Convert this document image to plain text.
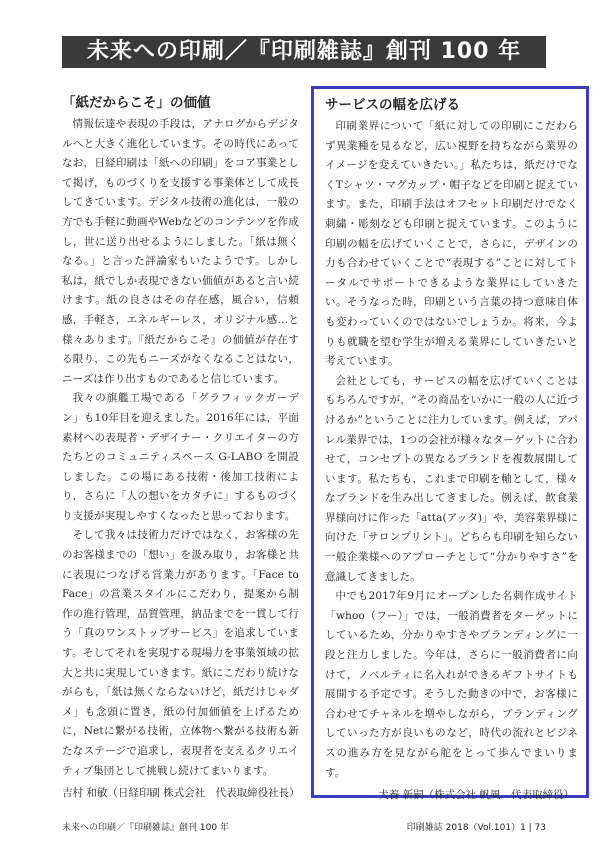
未来への印刷／『印刷雑誌』創刊 100 年
「紙だからこそ」の価値

情報伝達や表現の手段は，アナログからデジタルへと大きく進化しています。その時代にあってなお，日経印刷は「紙への印刷」をコア事業として掲げ，ものづくりを支援する事業体として成長してきています。デジタル技術の進化は，一般の方でも手軽に動画やWebなどのコンテンツを作成し，世に送り出せるようにしました。「紙は無くなる。」と言った評論家もいたようです。しかし私は，紙でしか表現できない価値があると言い続けます。紙の良さはその存在感，風合い，信頼感，手軽さ，エネルギーレス，オリジナル感…と様々あります。『紙だからこそ』の価値が存在する限り，この先もニーズがなくなることはない，ニーズは作り出すものであると信じています。

我々の旗艦工場である「グラフィックガーデン」も10年目を迎えました。2016年には，平面素材への表現者・デザイナー・クリエイターの方たちとのコミュニティスペース G-LABO を開設しました。この場にある技術・後加工技術により，さらに「人の想いをカタチに」するものづくり支援が実現しやすくなったと思っております。

そして我々は技術力だけではなく，お客様の先のお客様までの「想い」を汲み取り，お客様と共に表現につなげる営業力があります。「Face to Face」の営業スタイルにこだわり，提案から制作の進行管理，品質管理，納品までを一貫して行う「真のワンストップサービス」を追求しています。そしてそれを実現する現場力を事業領域の拡大と共に実現していきます。紙にこだわり続けながらも，「紙は無くならないけど，紙だけじゃダメ」も念頭に置き，紙の付加価値を上げるために，Netに繋がる技術，立体物へ繋がる技術も新たなステージで追求し，表現者を支えるクリエイティブ集団として挑戦し続けてまいります。

吉村 和敏（日経印刷 株式会社　代表取締役社長）
サービスの幅を広げる

印刷業界について「紙に対しての印刷にこだわらず異業種を見るなど，広い視野を持ちながら業界のイメージを変えていきたい。」私たちは，紙だけでなくTシャツ・マグカップ・帽子などを印刷と捉えています。また，印刷手法はオフセット印刷だけでなく刺繍・彫刻なども印刷と捉えています。このように印刷の幅を広げていくことで，さらに，デザインの力も合わせていくことで“表現する”ことに対してトータルでサポートできるような業界にしていきたい。そうなった時，印刷という言葉の持つ意味自体も変わっていくのではないでしょうか。将来，今よりも就職を望む学生が増える業界にしていきたいと考えています。

会社としても，サービスの幅を広げていくことはもちろんですが，“その商品をいかに一般の人に近づけるか”ということに注力しています。例えば，アパレル業界では，1つの会社が様々なターゲットに合わせて，コンセプトの異なるブランドを複数展開しています。私たちも，これまで印刷を軸として，様々なブランドを生み出してきました。例えば，飲食業界様向けに作った「atta(アッタ)」や，美容業界様に向けた「サロンプリント」。どちらも印刷を知らない一般企業様へのアプローチとして“分かりやすさ”を意識してきました。

中でも2017年9月にオープンした名刺作成サイト「whoo（フー）」では，一般消費者をターゲットにしているため，分かりやすさやブランディングに一段と注力しました。今年は，さらに一般消費者に向けて，ノベルティに名入れができるギフトサイトも展開する予定です。そうした動きの中で，お客様に合わせてチャネルを増やしながら，ブランディングしていった方が良いものなど，時代の流れとビジネスの進み方を見ながら舵をとって歩んでまいります。

犬養 新嗣（株式会社 帆風　代表取締役）
未来への印刷／『印刷雑誌』創刊 100 年	印刷雑誌 2018（Vol.101）1 | 73
